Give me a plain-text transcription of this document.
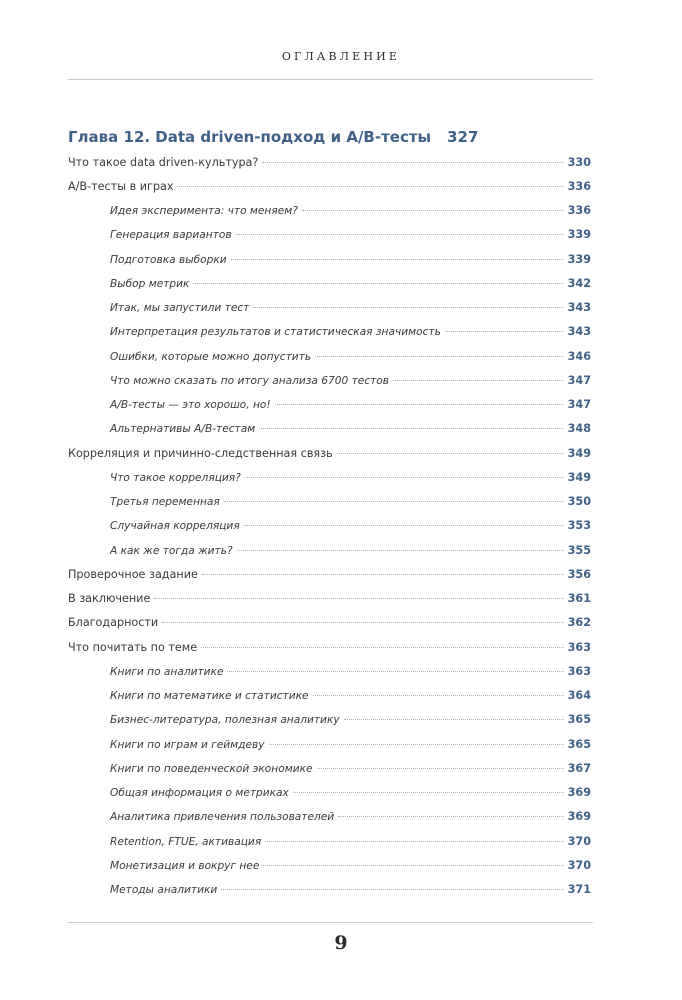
ОГЛАВЛЕНИЕ
Глава 12. Data driven-подход и А/В-тесты 327
Что такое data driven-культура?	330
А/В-тесты в играх	336
Идея эксперимента: что меняем?	336
Генерация вариантов	339
Подготовка выборки	339
Выбор метрик	342
Итак, мы запустили тест	343
Интерпретация результатов и статистическая значимость	343
Ошибки, которые можно допустить	346
Что можно сказать по итогу анализа 6700 тестов	347
А/В-тесты — это хорошо, но!	347
Альтернативы А/В-тестам	348
Корреляция и причинно-следственная связь	349
Что такое корреляция?	349
Третья переменная	350
Случайная корреляция	353
А как же тогда жить?	355
Проверочное задание	356
В заключение	361
Благодарности	362
Что почитать по теме	363
Книги по аналитике	363
Книги по математике и статистике	364
Бизнес-литература, полезная аналитику	365
Книги по играм и геймдеву	365
Книги по поведенческой экономике	367
Общая информация о метриках	369
Аналитика привлечения пользователей	369
Retention, FTUE, активация	370
Монетизация и вокруг нее	370
Методы аналитики	371
9
